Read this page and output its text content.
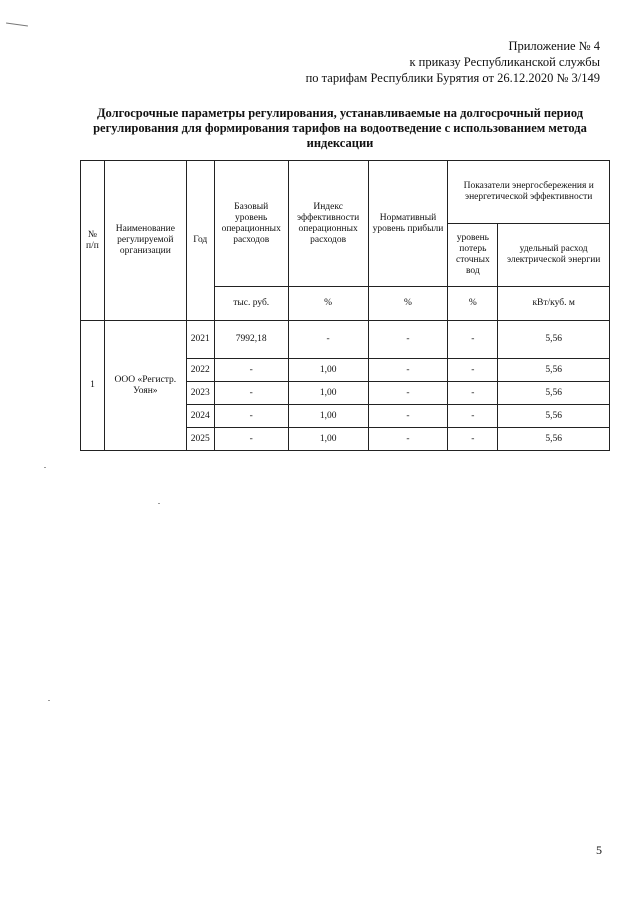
Приложение № 4
к приказу Республиканской службы
по тарифам Республики Бурятия от 26.12.2020 № 3/149
Долгосрочные параметры регулирования, устанавливаемые на долгосрочный период регулирования для формирования тарифов на водоотведение с использованием метода индексации
№ п/п	Наименование регулируемой организации	Год	Базовый уровень операционных расходов	Индекс эффективности операционных расходов	Нормативный уровень прибыли	Показатели энергосбережения и энергетической эффективности	
						уровень потерь сточных вод	удельный расход электрической энергии
			тыс. руб.	%	%	%	кВт/куб. м
1	ООО «Регистр. Уоян»	2021	7992,18	-	-	-	5,56
		2022	-	1,00	-	-	5,56
		2023	-	1,00	-	-	5,56
		2024	-	1,00	-	-	5,56
		2025	-	1,00	-	-	5,56
5
